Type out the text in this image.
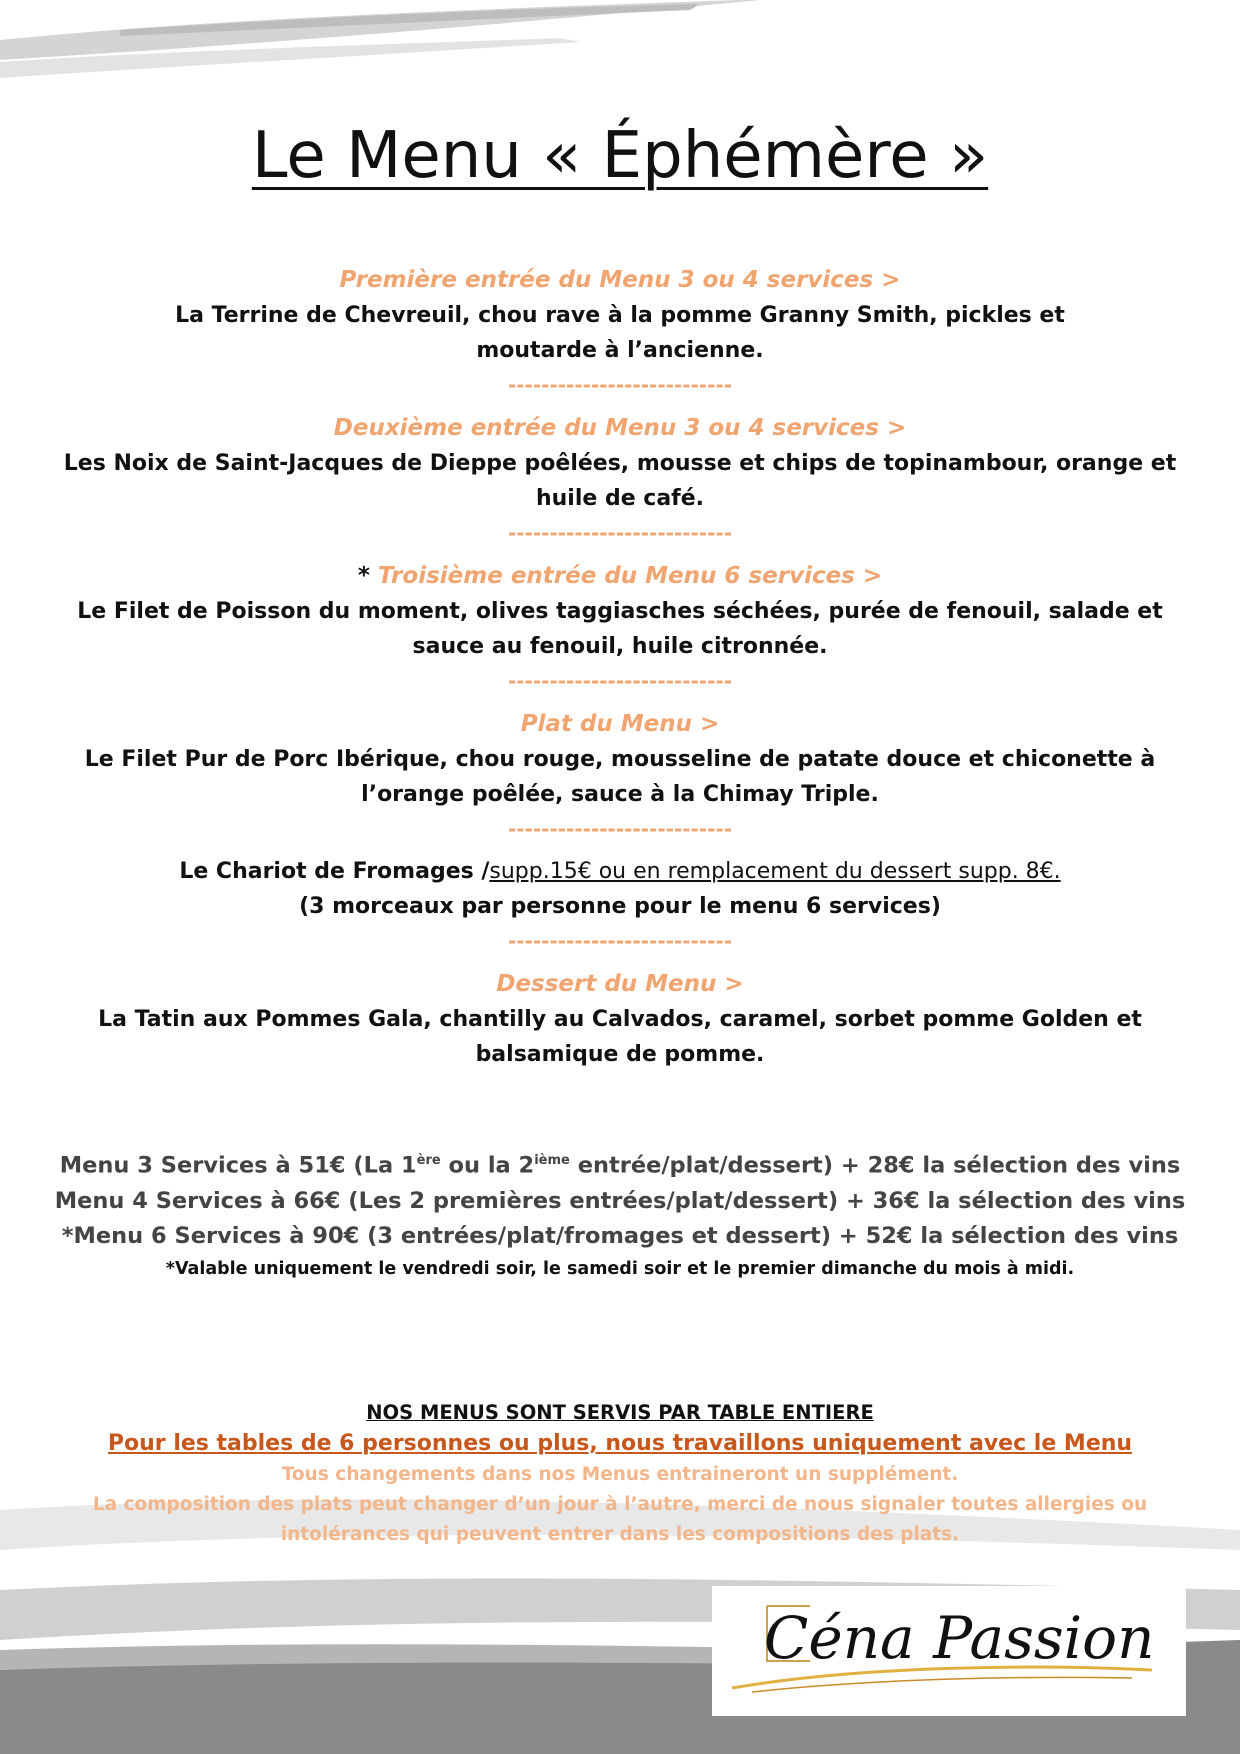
Le Menu « Éphémère »
Première entrée du Menu 3 ou 4 services >
La Terrine de Chevreuil, chou rave à la pomme Granny Smith, pickles et
moutarde à l’ancienne.
---------------------------
Deuxième entrée du Menu 3 ou 4 services >
Les Noix de Saint-Jacques de Dieppe poêlées, mousse et chips de topinambour, orange et
huile de café.
---------------------------
* Troisième entrée du Menu 6 services >
Le Filet de Poisson du moment, olives taggiasches séchées, purée de fenouil, salade et
sauce au fenouil, huile citronnée.
---------------------------
Plat du Menu >
Le Filet Pur de Porc Ibérique, chou rouge, mousseline de patate douce et chiconette à
l’orange poêlée, sauce à la Chimay Triple.
---------------------------
Le Chariot de Fromages /supp.15€ ou en remplacement du dessert supp. 8€.
(3 morceaux par personne pour le menu 6 services)
---------------------------
Dessert du Menu >
La Tatin aux Pommes Gala, chantilly au Calvados, caramel, sorbet pomme Golden et
balsamique de pomme.
Menu 3 Services à 51€ (La 1ère ou la 2ième entrée/plat/dessert) + 28€ la sélection des vins
Menu 4 Services à 66€ (Les 2 premières entrées/plat/dessert) + 36€ la sélection des vins
*Menu 6 Services à 90€ (3 entrées/plat/fromages et dessert) + 52€ la sélection des vins
*Valable uniquement le vendredi soir, le samedi soir et le premier dimanche du mois à midi.
NOS MENUS SONT SERVIS PAR TABLE ENTIERE
Pour les tables de 6 personnes ou plus, nous travaillons uniquement avec le Menu
Tous changements dans nos Menus entraineront un supplément.
La composition des plats peut changer d’un jour à l’autre, merci de nous signaler toutes allergies ou
intolérances qui peuvent entrer dans les compositions des plats.
Céna Passion
